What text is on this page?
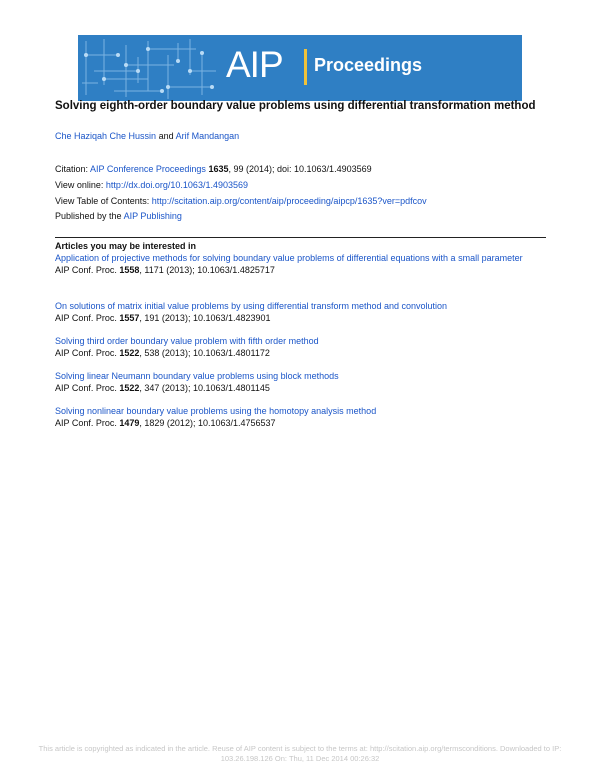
AIP Proceedings
Solving eighth-order boundary value problems using differential transformation method
Che Haziqah Che Hussin and Arif Mandangan
Citation: AIP Conference Proceedings 1635, 99 (2014); doi: 10.1063/1.4903569
View online: http://dx.doi.org/10.1063/1.4903569
View Table of Contents: http://scitation.aip.org/content/aip/proceeding/aipcp/1635?ver=pdfcov
Published by the AIP Publishing
Articles you may be interested in
Application of projective methods for solving boundary value problems of differential equations with a small parameter
AIP Conf. Proc. 1558, 1171 (2013); 10.1063/1.4825717
On solutions of matrix initial value problems by using differential transform method and convolution
AIP Conf. Proc. 1557, 191 (2013); 10.1063/1.4823901
Solving third order boundary value problem with fifth order method
AIP Conf. Proc. 1522, 538 (2013); 10.1063/1.4801172
Solving linear Neumann boundary value problems using block methods
AIP Conf. Proc. 1522, 347 (2013); 10.1063/1.4801145
Solving nonlinear boundary value problems using the homotopy analysis method
AIP Conf. Proc. 1479, 1829 (2012); 10.1063/1.4756537
This article is copyrighted as indicated in the article. Reuse of AIP content is subject to the terms at: http://scitation.aip.org/termsconditions. Downloaded to IP:
103.26.198.126 On: Thu, 11 Dec 2014 00:26:32
